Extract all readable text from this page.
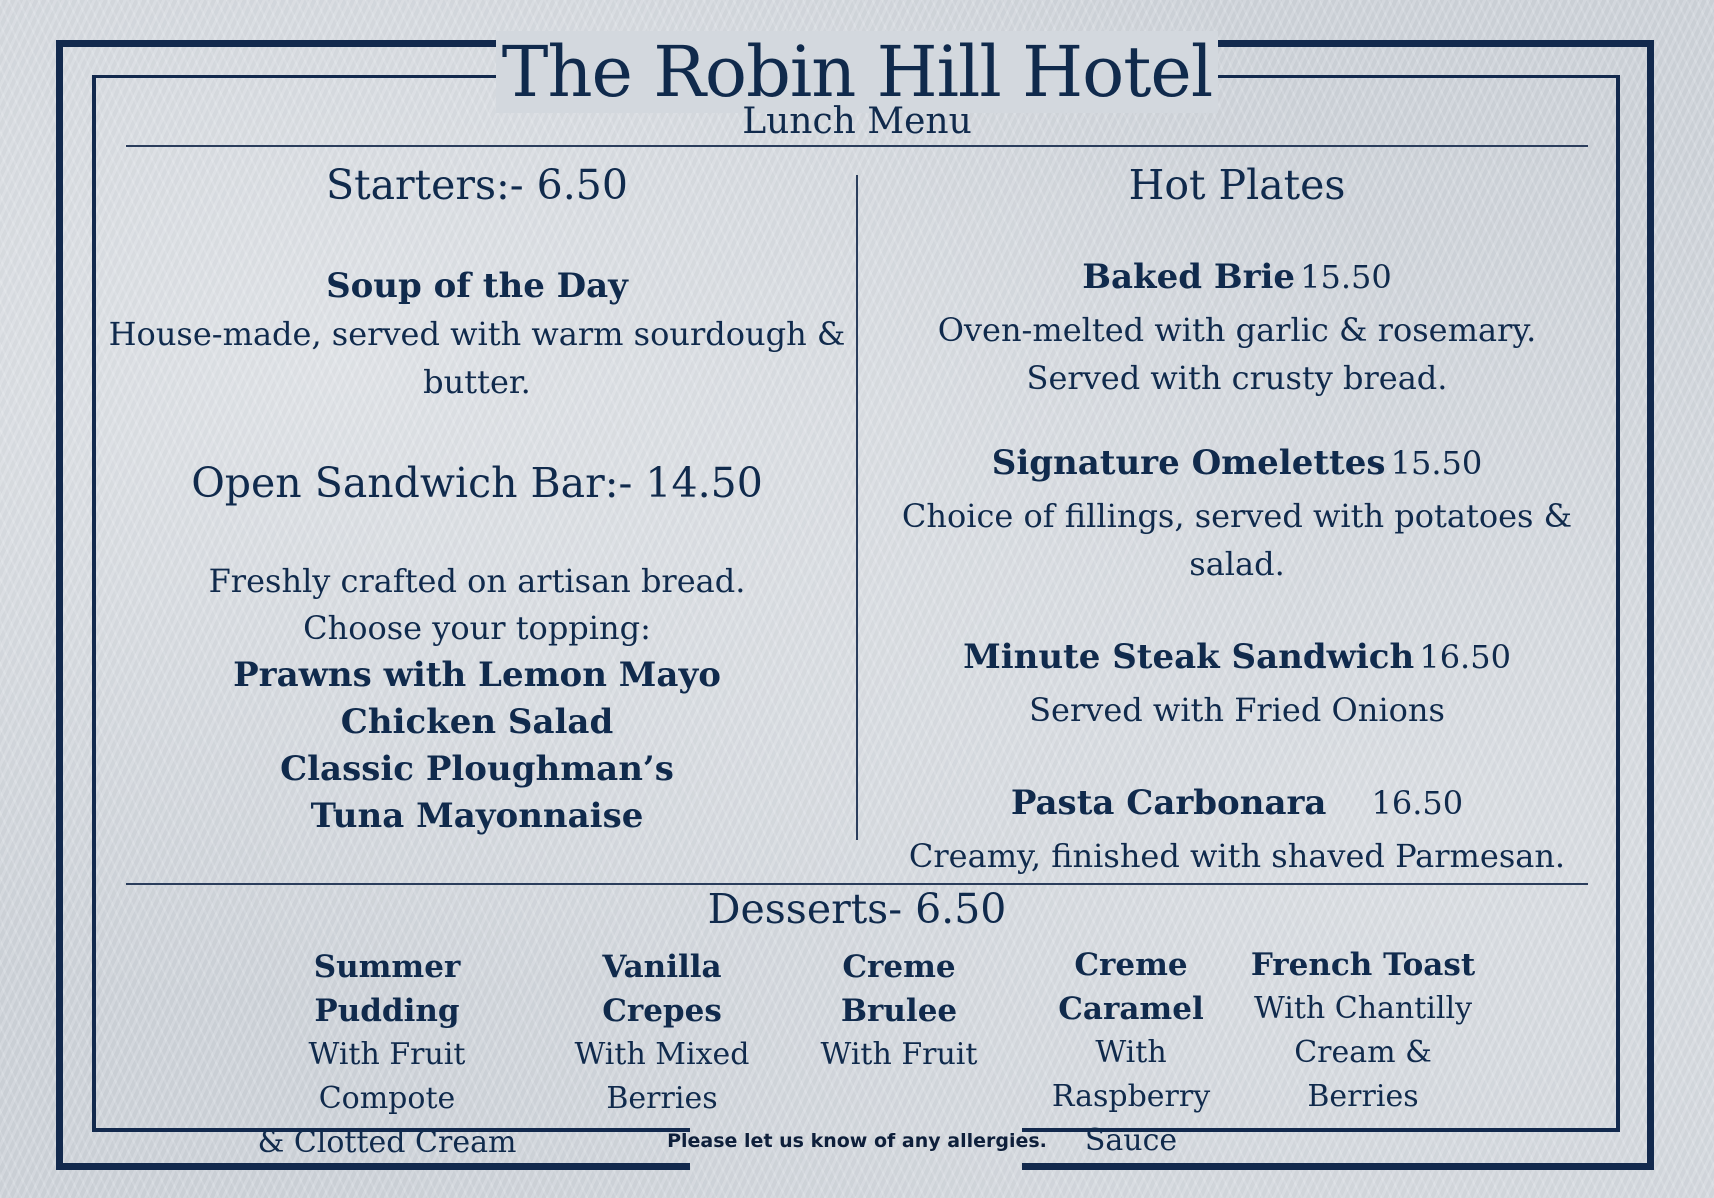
The Robin Hill Hotel
Lunch Menu
Starters:- 6.50
Soup of the Day
House-made, served with warm sourdough &
butter.
Open Sandwich Bar:- 14.50
Freshly crafted on artisan bread.
Choose your topping:
Prawns with Lemon Mayo
Chicken Salad
Classic Ploughman’s
Tuna Mayonnaise
Hot Plates
Baked Brie 15.50
Oven-melted with garlic & rosemary.
Served with crusty bread.
Signature Omelettes 15.50
Choice of fillings, served with potatoes & salad.
Minute Steak Sandwich 16.50
Served with Fried Onions
Pasta Carbonara 16.50
Creamy, finished with shaved Parmesan.
Desserts- 6.50
Summer Pudding
With Fruit Compote
& Clotted Cream
Vanilla Crepes
With Mixed
Berries
Creme Brulee
With Fruit
Creme
Caramel
With Raspberry
Sauce
French Toast
With Chantilly
Cream &
Berries
Please let us know of any allergies.
